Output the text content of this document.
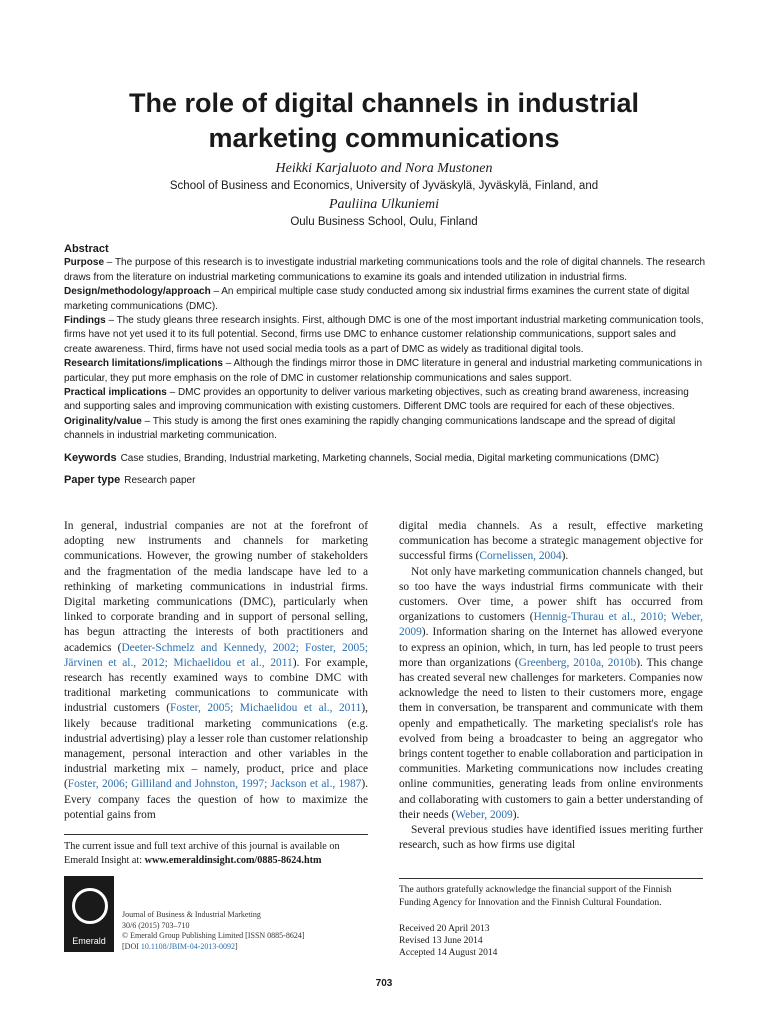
The role of digital channels in industrial
marketing communications
Heikki Karjaluoto and Nora Mustonen
School of Business and Economics, University of Jyväskylä, Jyväskylä, Finland, and
Pauliina Ulkuniemi
Oulu Business School, Oulu, Finland
Abstract

Purpose – The purpose of this research is to investigate industrial marketing communications tools and the role of digital channels. The research draws from the literature on industrial marketing communications to examine its goals and intended utilization in industrial firms.

Design/methodology/approach – An empirical multiple case study conducted among six industrial firms examines the current state of digital marketing communications (DMC).

Findings – The study gleans three research insights. First, although DMC is one of the most important industrial marketing communication tools, firms have not yet used it to its full potential. Second, firms use DMC to enhance customer relationship communications, support sales and create awareness. Third, firms have not used social media tools as a part of DMC as widely as traditional digital tools.

Research limitations/implications – Although the findings mirror those in DMC literature in general and industrial marketing communications in particular, they put more emphasis on the role of DMC in customer relationship communications and sales support.

Practical implications – DMC provides an opportunity to deliver various marketing objectives, such as creating brand awareness, increasing and supporting sales and improving communication with existing customers. Different DMC tools are required for each of these objectives.

Originality/value – This study is among the first ones examining the rapidly changing communications landscape and the spread of digital channels in industrial marketing communication.

Keywords Case studies, Branding, Industrial marketing, Marketing channels, Social media, Digital marketing communications (DMC)
Paper type Research paper

In general, industrial companies are not at the forefront of adopting new instruments and channels for marketing communications. However, the growing number of stakeholders and the fragmentation of the media landscape have led to a rethinking of marketing communications in industrial firms. Digital marketing communications (DMC), particularly when linked to corporate branding and in support of personal selling, has begun attracting the interests of both practitioners and academics (Deeter-Schmelz and Kennedy, 2002; Foster, 2005; Järvinen et al., 2012; Michaelidou et al., 2011). For example, research has recently examined ways to combine DMC with traditional marketing communications to communicate with industrial customers (Foster, 2005; Michaelidou et al., 2011), likely because traditional marketing communications (e.g. industrial advertising) play a lesser role than customer relationship management, personal interaction and other variables in the industrial marketing mix – namely, product, price and place (Foster, 2006; Gilliland and Johnston, 1997; Jackson et al., 1987). Every company faces the question of how to maximize the potential gains from

digital media channels. As a result, effective marketing communication has become a strategic management objective for successful firms (Cornelissen, 2004).

Not only have marketing communication channels changed, but so too have the ways industrial firms communicate with their customers. Over time, a power shift has occurred from organizations to customers (Hennig-Thurau et al., 2010; Weber, 2009). Information sharing on the Internet has allowed everyone to express an opinion, which, in turn, has led people to trust peers more than organizations (Greenberg, 2010a, 2010b). This change has created several new challenges for marketers. Companies now acknowledge the need to listen to their customers more, engage them in conversation, be transparent and communicate with them openly and empathetically. The marketing specialist's role has evolved from being a broadcaster to being an aggregator who brings content together to enable collaboration and participation in communities. Marketing communications now includes creating online communities, generating leads from online environments and collaborating with customers to gain a better understanding of their needs (Weber, 2009).

Several previous studies have identified issues meriting further research, such as how firms use digital

The current issue and full text archive of this journal is available on Emerald Insight at: www.emeraldinsight.com/0885-8624.htm
Emerald
Journal of Business & Industrial Marketing
30/6 (2015) 703–710
© Emerald Group Publishing Limited [ISSN 0885-8624]
[DOI 10.1108/JBIM-04-2013-0092]
The authors gratefully acknowledge the financial support of the Finnish Funding Agency for Innovation and the Finnish Cultural Foundation.
Received 20 April 2013
Revised 13 June 2014
Accepted 14 August 2014
703
